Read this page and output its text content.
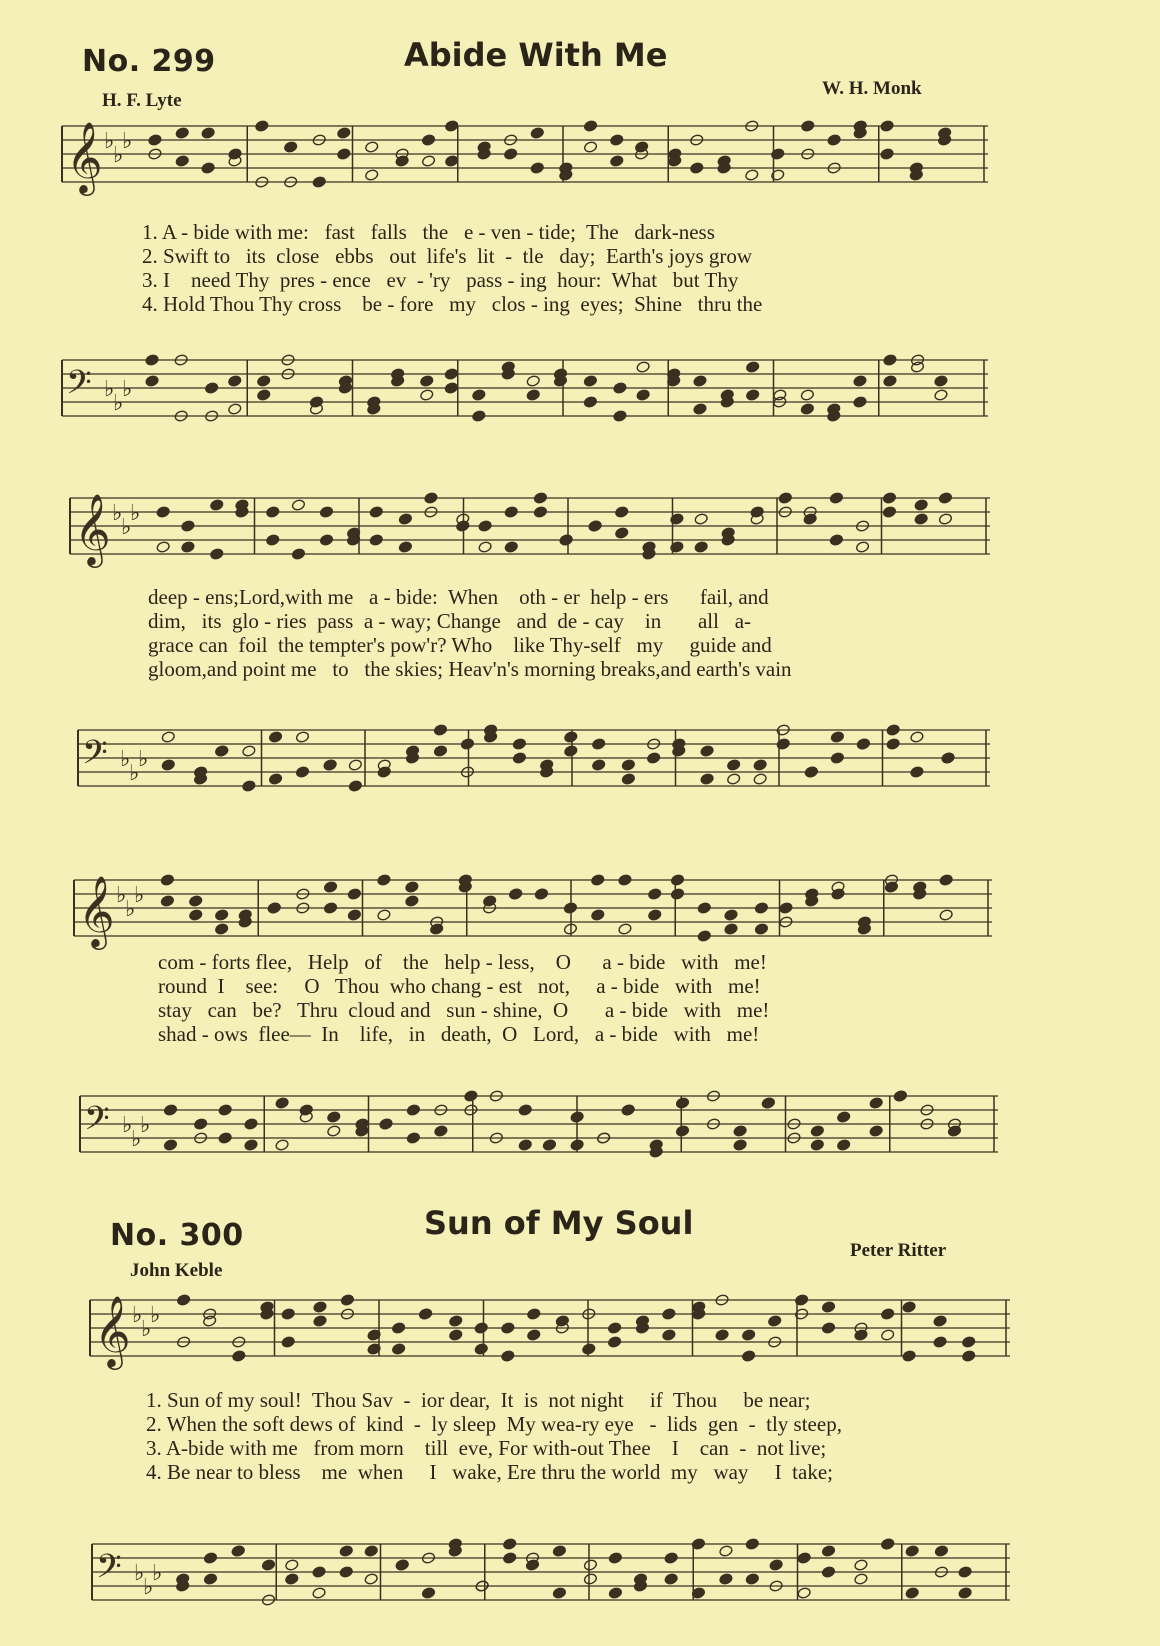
No. 299	Abide With Me
H. F. Lyte
W. H. Monk
𝄞 ♭
♭
♭
1. A - bide with me:   fast   falls   the   e - ven - tide;  The   dark-ness
2. Swift to   its  close   ebbs   out  life's  lit  -  tle   day;  Earth's joys grow
3. I    need Thy  pres - ence   ev  - 'ry   pass - ing  hour:  What   but Thy
4. Hold Thou Thy cross    be - fore   my   clos - ing  eyes;  Shine   thru the
𝄢 ♭
♭
♭
𝄞 ♭
♭
♭
deep - ens;Lord,with me   a - bide:  When    oth - er  help - ers      fail, and
dim,   its  glo - ries  pass  a - way; Change   and  de - cay    in       all   a-
grace can  foil  the tempter's pow'r? Who    like Thy-self   my     guide and
gloom,and point me   to   the skies; Heav'n's morning breaks,and earth's vain
𝄢 ♭
♭
♭
𝄞 ♭
♭
♭
com - forts flee,   Help   of    the   help - less,    O      a - bide   with   me!
round  I    see:     O   Thou  who chang - est   not,     a - bide   with   me!
stay   can   be?   Thru  cloud and   sun - shine,  O       a - bide   with   me!
shad - ows  flee—  In    life,   in   death,  O   Lord,   a - bide   with   me!
𝄢 ♭
♭
♭
No. 300	Sun of My Soul
John Keble
Peter Ritter
𝄞 ♭
♭
♭
1. Sun of my soul!  Thou Sav  -  ior dear,  It  is  not night     if  Thou     be near;
2. When the soft dews of  kind  -  ly sleep  My wea-ry eye   -  lids  gen  -  tly steep,
3. A-bide with me   from morn    till  eve, For with-out Thee    I    can  -  not live;
4. Be near to bless    me  when     I   wake, Ere thru the world  my   way     I  take;
𝄢 ♭
♭
♭
